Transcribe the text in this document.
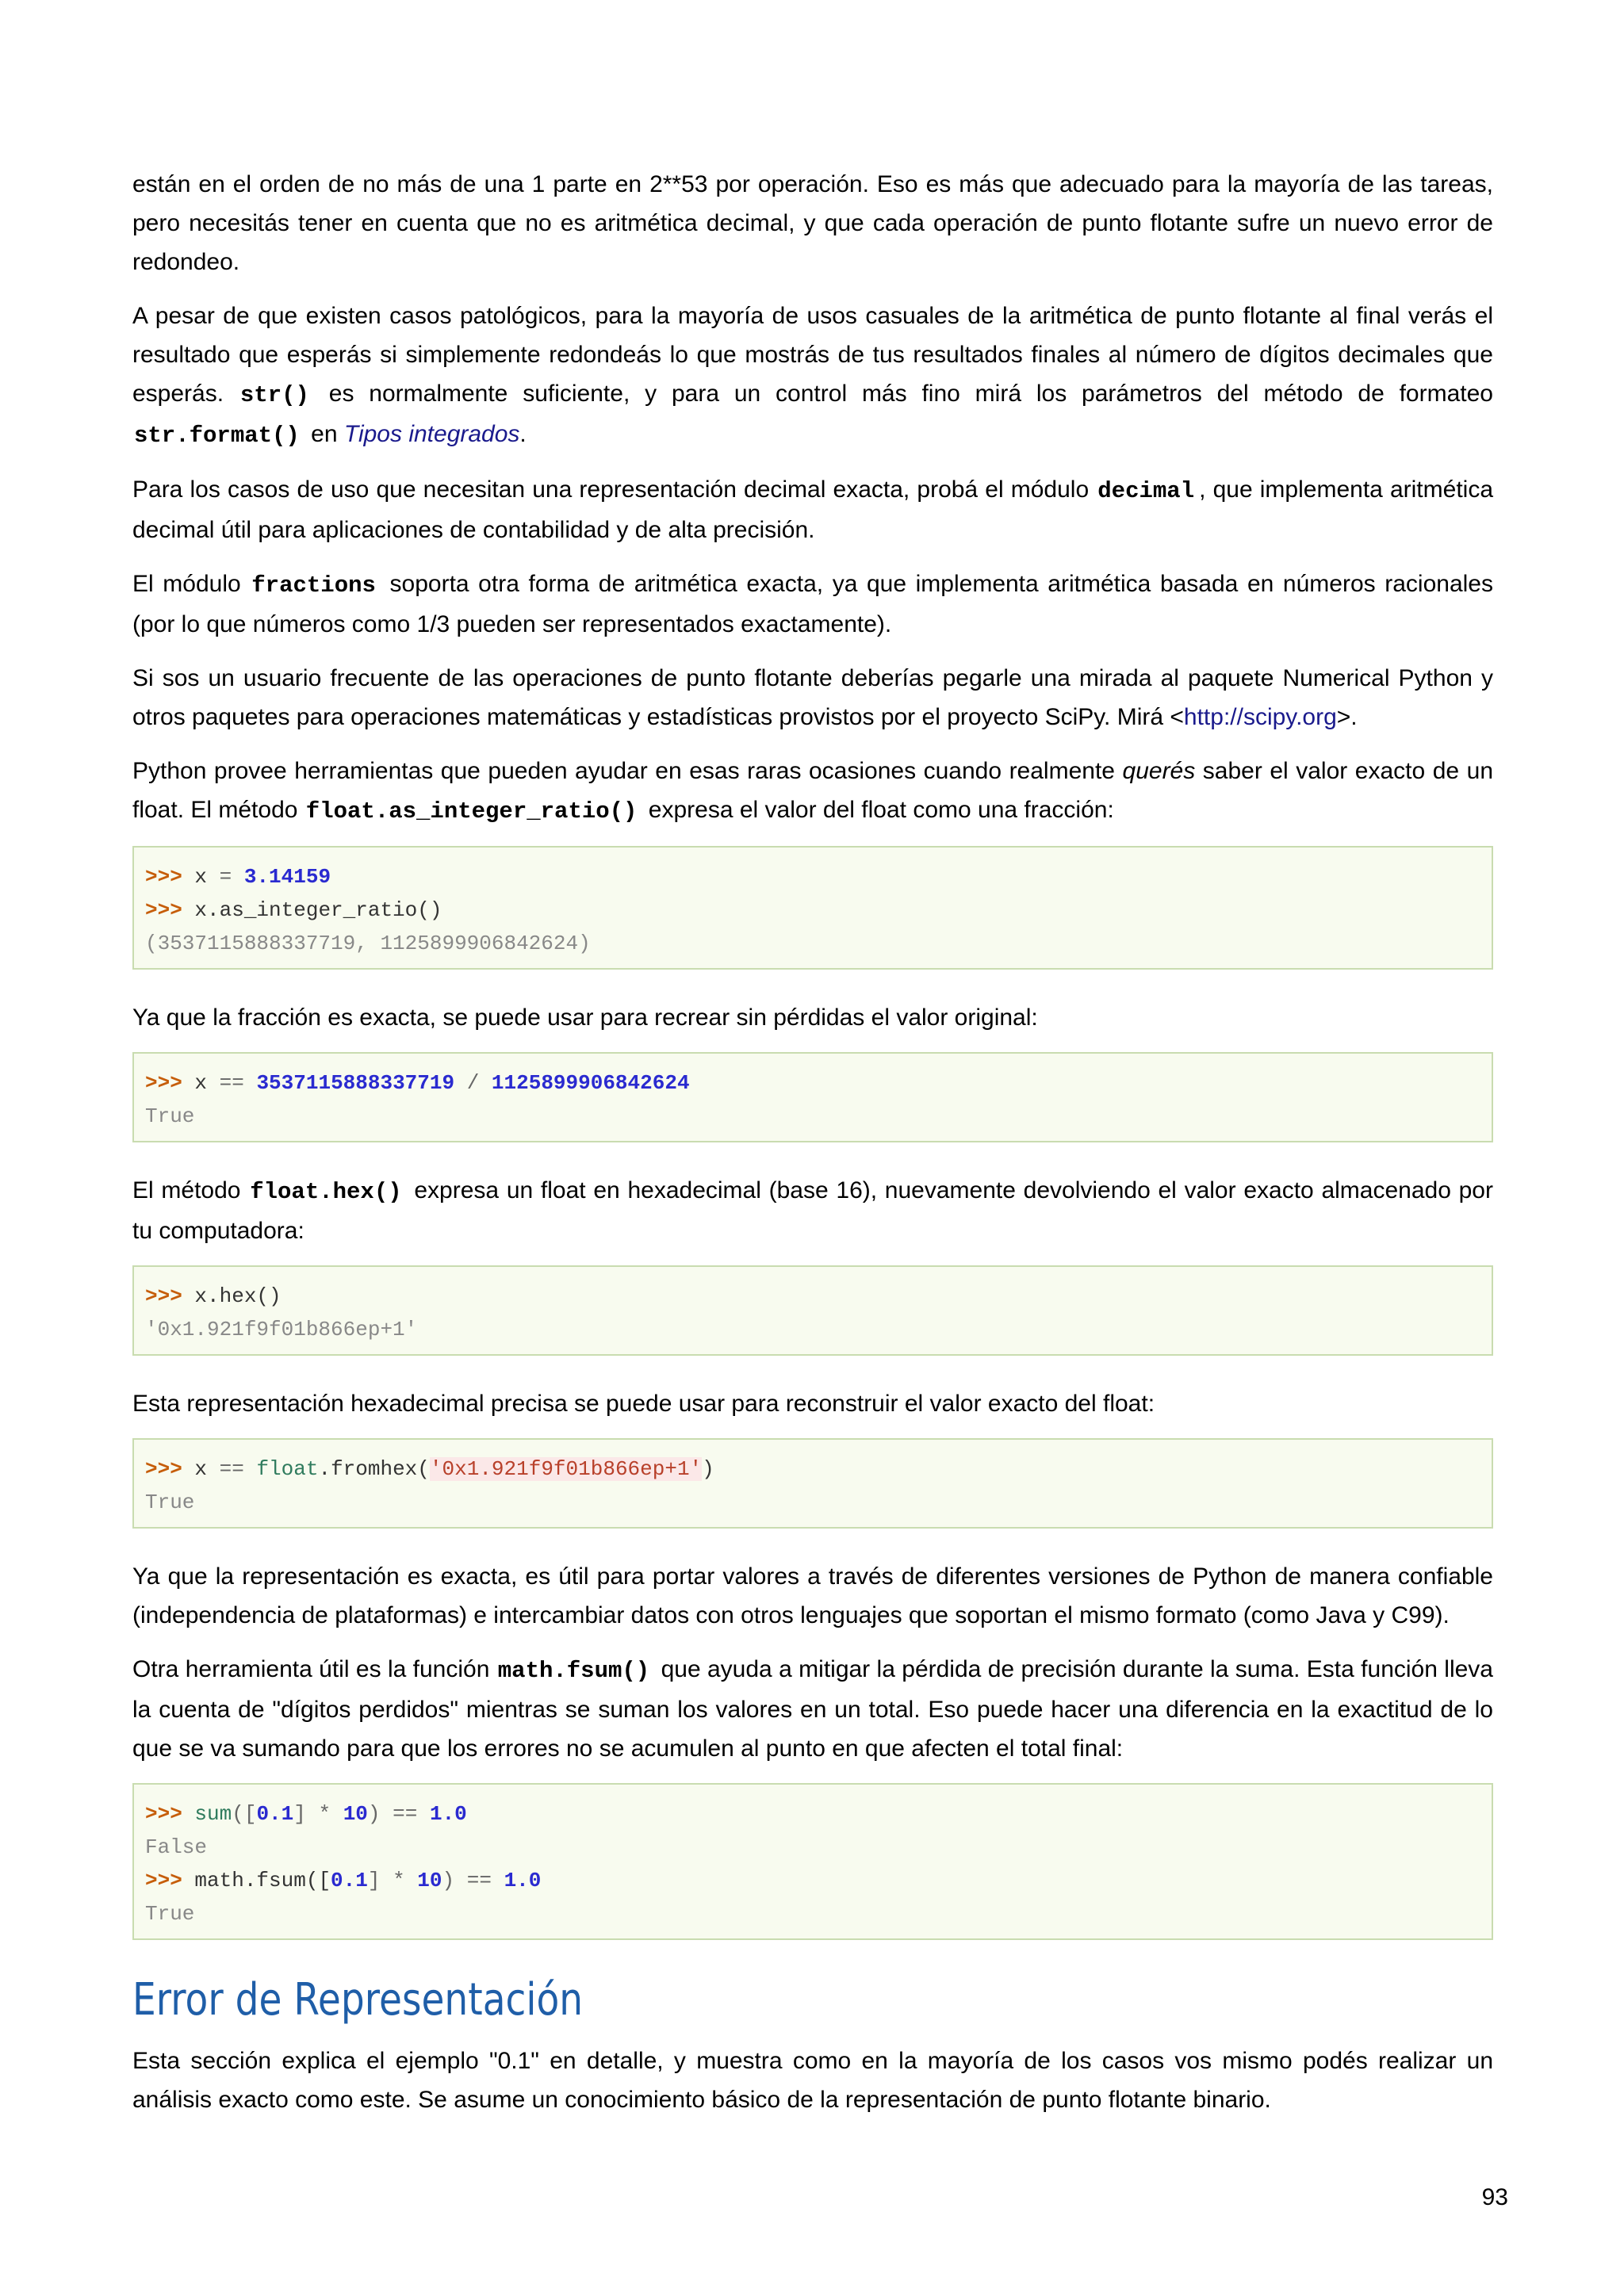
están en el orden de no más de una 1 parte en 2**53 por operación. Eso es más que adecuado para la mayoría de las tareas, pero necesitás tener en cuenta que no es aritmética decimal, y que cada operación de punto flotante sufre un nuevo error de redondeo.

A pesar de que existen casos patológicos, para la mayoría de usos casuales de la aritmética de punto flotante al final verás el resultado que esperás si simplemente redondeás lo que mostrás de tus resultados finales al número de dígitos decimales que esperás. str() es normalmente suficiente, y para un control más fino mirá los parámetros del método de formateo str.format() en Tipos integrados.

Para los casos de uso que necesitan una representación decimal exacta, probá el módulo decimal , que implementa aritmética decimal útil para aplicaciones de contabilidad y de alta precisión.

El módulo fractions soporta otra forma de aritmética exacta, ya que implementa aritmética basada en números racionales (por lo que números como 1/3 pueden ser representados exactamente).

Si sos un usuario frecuente de las operaciones de punto flotante deberías pegarle una mirada al paquete Numerical Python y otros paquetes para operaciones matemáticas y estadísticas provistos por el proyecto SciPy. Mirá <http://scipy.org>.

Python provee herramientas que pueden ayudar en esas raras ocasiones cuando realmente querés saber el valor exacto de un float. El método float.as_integer_ratio() expresa el valor del float como una fracción:

>>> x = 3.14159
>>> x.as_integer_ratio()
(3537115888337719, 1125899906842624)

Ya que la fracción es exacta, se puede usar para recrear sin pérdidas el valor original:

>>> x == 3537115888337719 / 1125899906842624
True

El método float.hex() expresa un float en hexadecimal (base 16), nuevamente devolviendo el valor exacto almacenado por tu computadora:

>>> x.hex()
'0x1.921f9f01b866ep+1'

Esta representación hexadecimal precisa se puede usar para reconstruir el valor exacto del float:

>>> x == float.fromhex('0x1.921f9f01b866ep+1')
True

Ya que la representación es exacta, es útil para portar valores a través de diferentes versiones de Python de manera confiable (independencia de plataformas) e intercambiar datos con otros lenguajes que soportan el mismo formato (como Java y C99).

Otra herramienta útil es la función math.fsum() que ayuda a mitigar la pérdida de precisión durante la suma. Esta función lleva la cuenta de "dígitos perdidos" mientras se suman los valores en un total. Eso puede hacer una diferencia en la exactitud de lo que se va sumando para que los errores no se acumulen al punto en que afecten el total final:

>>> sum([0.1] * 10) == 1.0
False
>>> math.fsum([0.1] * 10) == 1.0
True
Error de Representación

Esta sección explica el ejemplo "0.1" en detalle, y muestra como en la mayoría de los casos vos mismo podés realizar un análisis exacto como este. Se asume un conocimiento básico de la representación de punto flotante binario.

93
